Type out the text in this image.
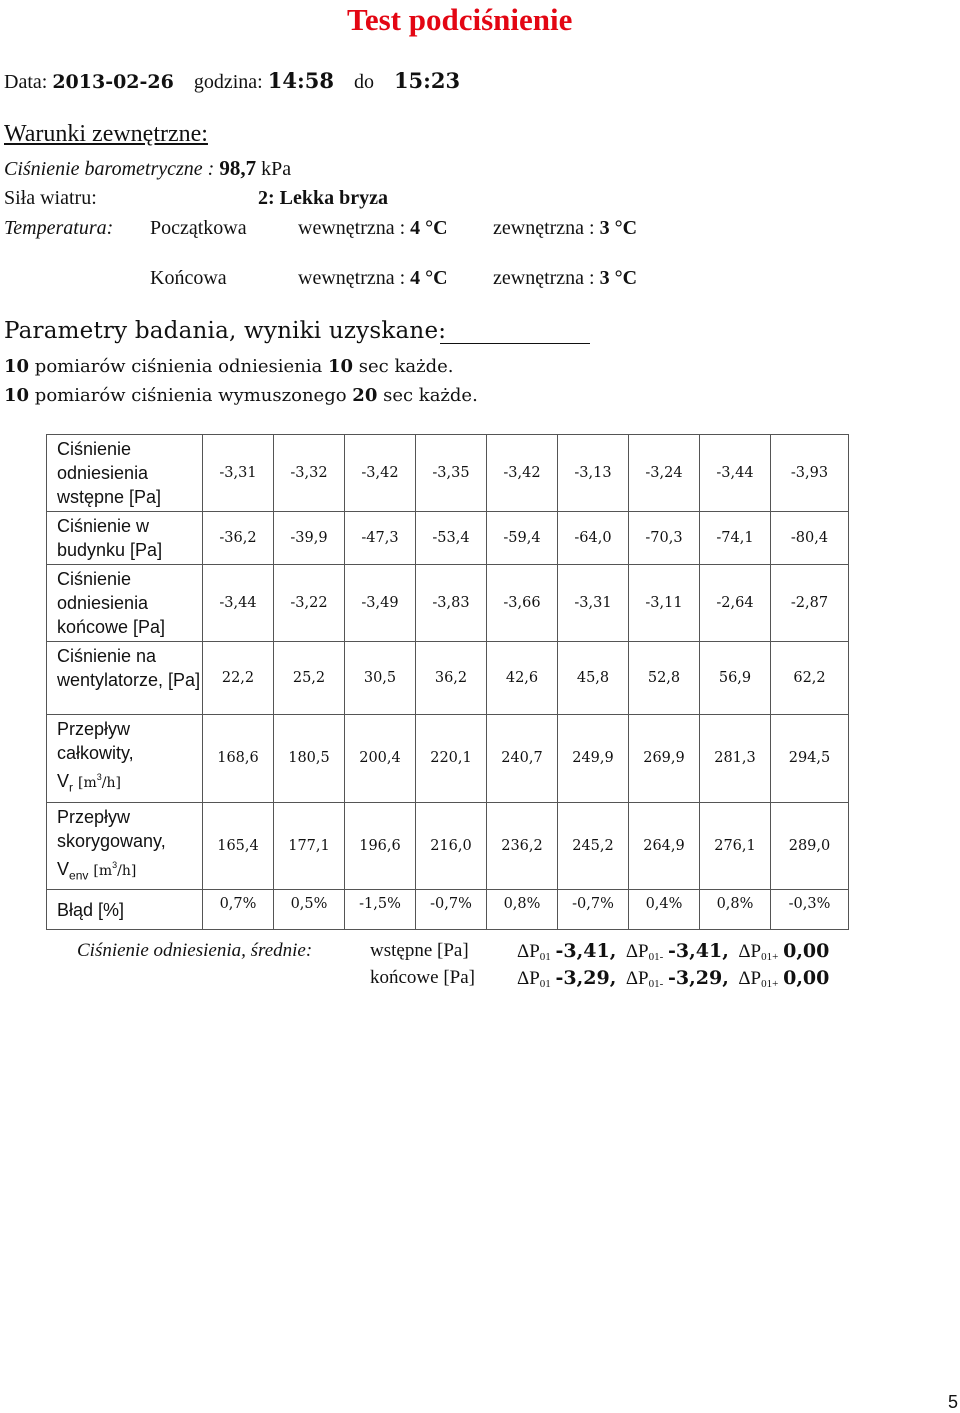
Test podciśnienie
Data: 2013-02-26 godzina: 14:58 do 15:23
Warunki zewnętrzne:
Ciśnienie barometryczne : 98,7 kPa
Siła wiatru:	2: Lekka bryza
Temperatura: Początkowa	wewnętrzna : 4 °C zewnętrzna : 3 °C
Końcowa	wewnętrzna : 4 °C zewnętrzna : 3 °C
Parametry badania, wyniki uzyskane:
10 pomiarów ciśnienia odniesienia 10 sec każde.
10 pomiarów ciśnienia wymuszonego 20 sec każde.
Ciśnienie odniesienia wstępne [Pa]	-3,31	-3,32	-3,42	-3,35	-3,42	-3,13	-3,24	-3,44	-3,93
Ciśnienie w budynku [Pa]	-36,2	-39,9	-47,3	-53,4	-59,4	-64,0	-70,3	-74,1	-80,4
Ciśnienie odniesienia końcowe [Pa]	-3,44	-3,22	-3,49	-3,83	-3,66	-3,31	-3,11	-2,64	-2,87
Ciśnienie na wentylatorze, [Pa]	22,2	25,2	30,5	36,2	42,6	45,8	52,8	56,9	62,2
Przepływ całkowity,
$V_r$ $[m^3/h]$	168,6	180,5	200,4	220,1	240,7	249,9	269,9	281,3	294,5
Przepływ skorygowany,
$V_{env}$ $[m^3/h]$	165,4	177,1	196,6	216,0	236,2	245,2	264,9	276,1	289,0
Błąd [%]	0,7%	0,5%	-1,5%	-0,7%	0,8%	-0,7%	0,4%	0,8%	-0,3%
Ciśnienie odniesienia, średnie:	wstępne [Pa]	$\Delta P_{01}$ -3,41, $\Delta P_{01-}$ -3,41, $\Delta P_{01+}$ 0,00
końcowe [Pa] $\Delta P_{01}$ -3,29, $\Delta P_{01-}$ -3,29, $\Delta P_{01+}$ 0,00
5
